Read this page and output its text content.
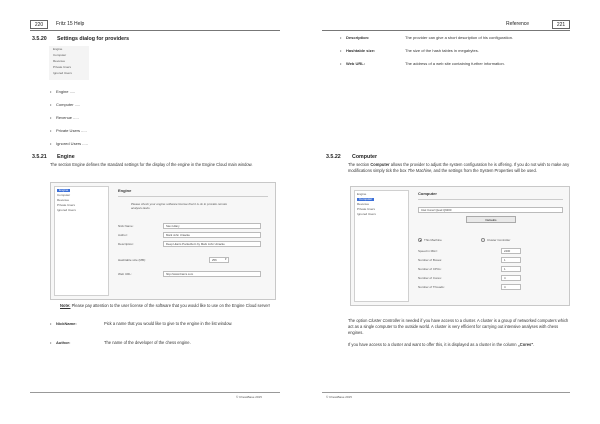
220	Fritz 15 Help
3.5.20 Settings dialog for providers
Engine
Computer
Revenue
Private Users
Ignored Users
• Engine .....
• Computer .....
• Revenue .....
• Private Users .....
• Ignored Users .....
3.5.21 Engine
The section Engine defines the standard settings for the display of the engine in the Engine Cloud main window.
Engine
Computer
Revenue
Private Users
Ignored Users
Engine
Please check your engine software license that it is ok to provide remote analysis tasks.
Nick Name:	Stev Hilary
Author:	Mark John Uniacke
Description:	Deep Hiarcs Pocketborn by Mark John Uniacke
Hashtable size (MB):	256	▾
Web URL:	http://www.hiarcs.com
Note: Please pay attention to the user license of the software that you would like to use on the Engine Cloud server!
• NickName:	Pick a name that you would like to give to the engine in the list window.
• Author:	The name of the developer of the chess engine.
© ChessBase 2015
Reference	221
• Description:	The provider can give a short description of his configuration.
• Hashtable size:	The size of the hash tables in megabytes.
• Web URL:	The address of a web site containing further information.
3.5.22 Computer
The section Computer allows the provider to adjust the system configuration he is offering. If you do not wish to make any modifications simply tick the box The Machine, and the settings from the System Properties will be used.
Engine
Computer
Revenue
Private Users
Ignored Users
Computer
Intel Core2 Quad Q9300
Defaults
This Machine	Cluster Controller
Speed in MHz:	2400
Number of Boxes:	1
Number of CPUs:	1
Number of Cores:	4
Number of Threads:	4
The option Cluster Controller is needed if you have access to a cluster. A cluster is a group of networked computers which act as a single computer to the outside world. A cluster is very efficient for carrying out intensive analyses with chess engines.
If you have access to a cluster and want to offer this, it is displayed as a cluster in the column „Cores".
© ChessBase 2015
